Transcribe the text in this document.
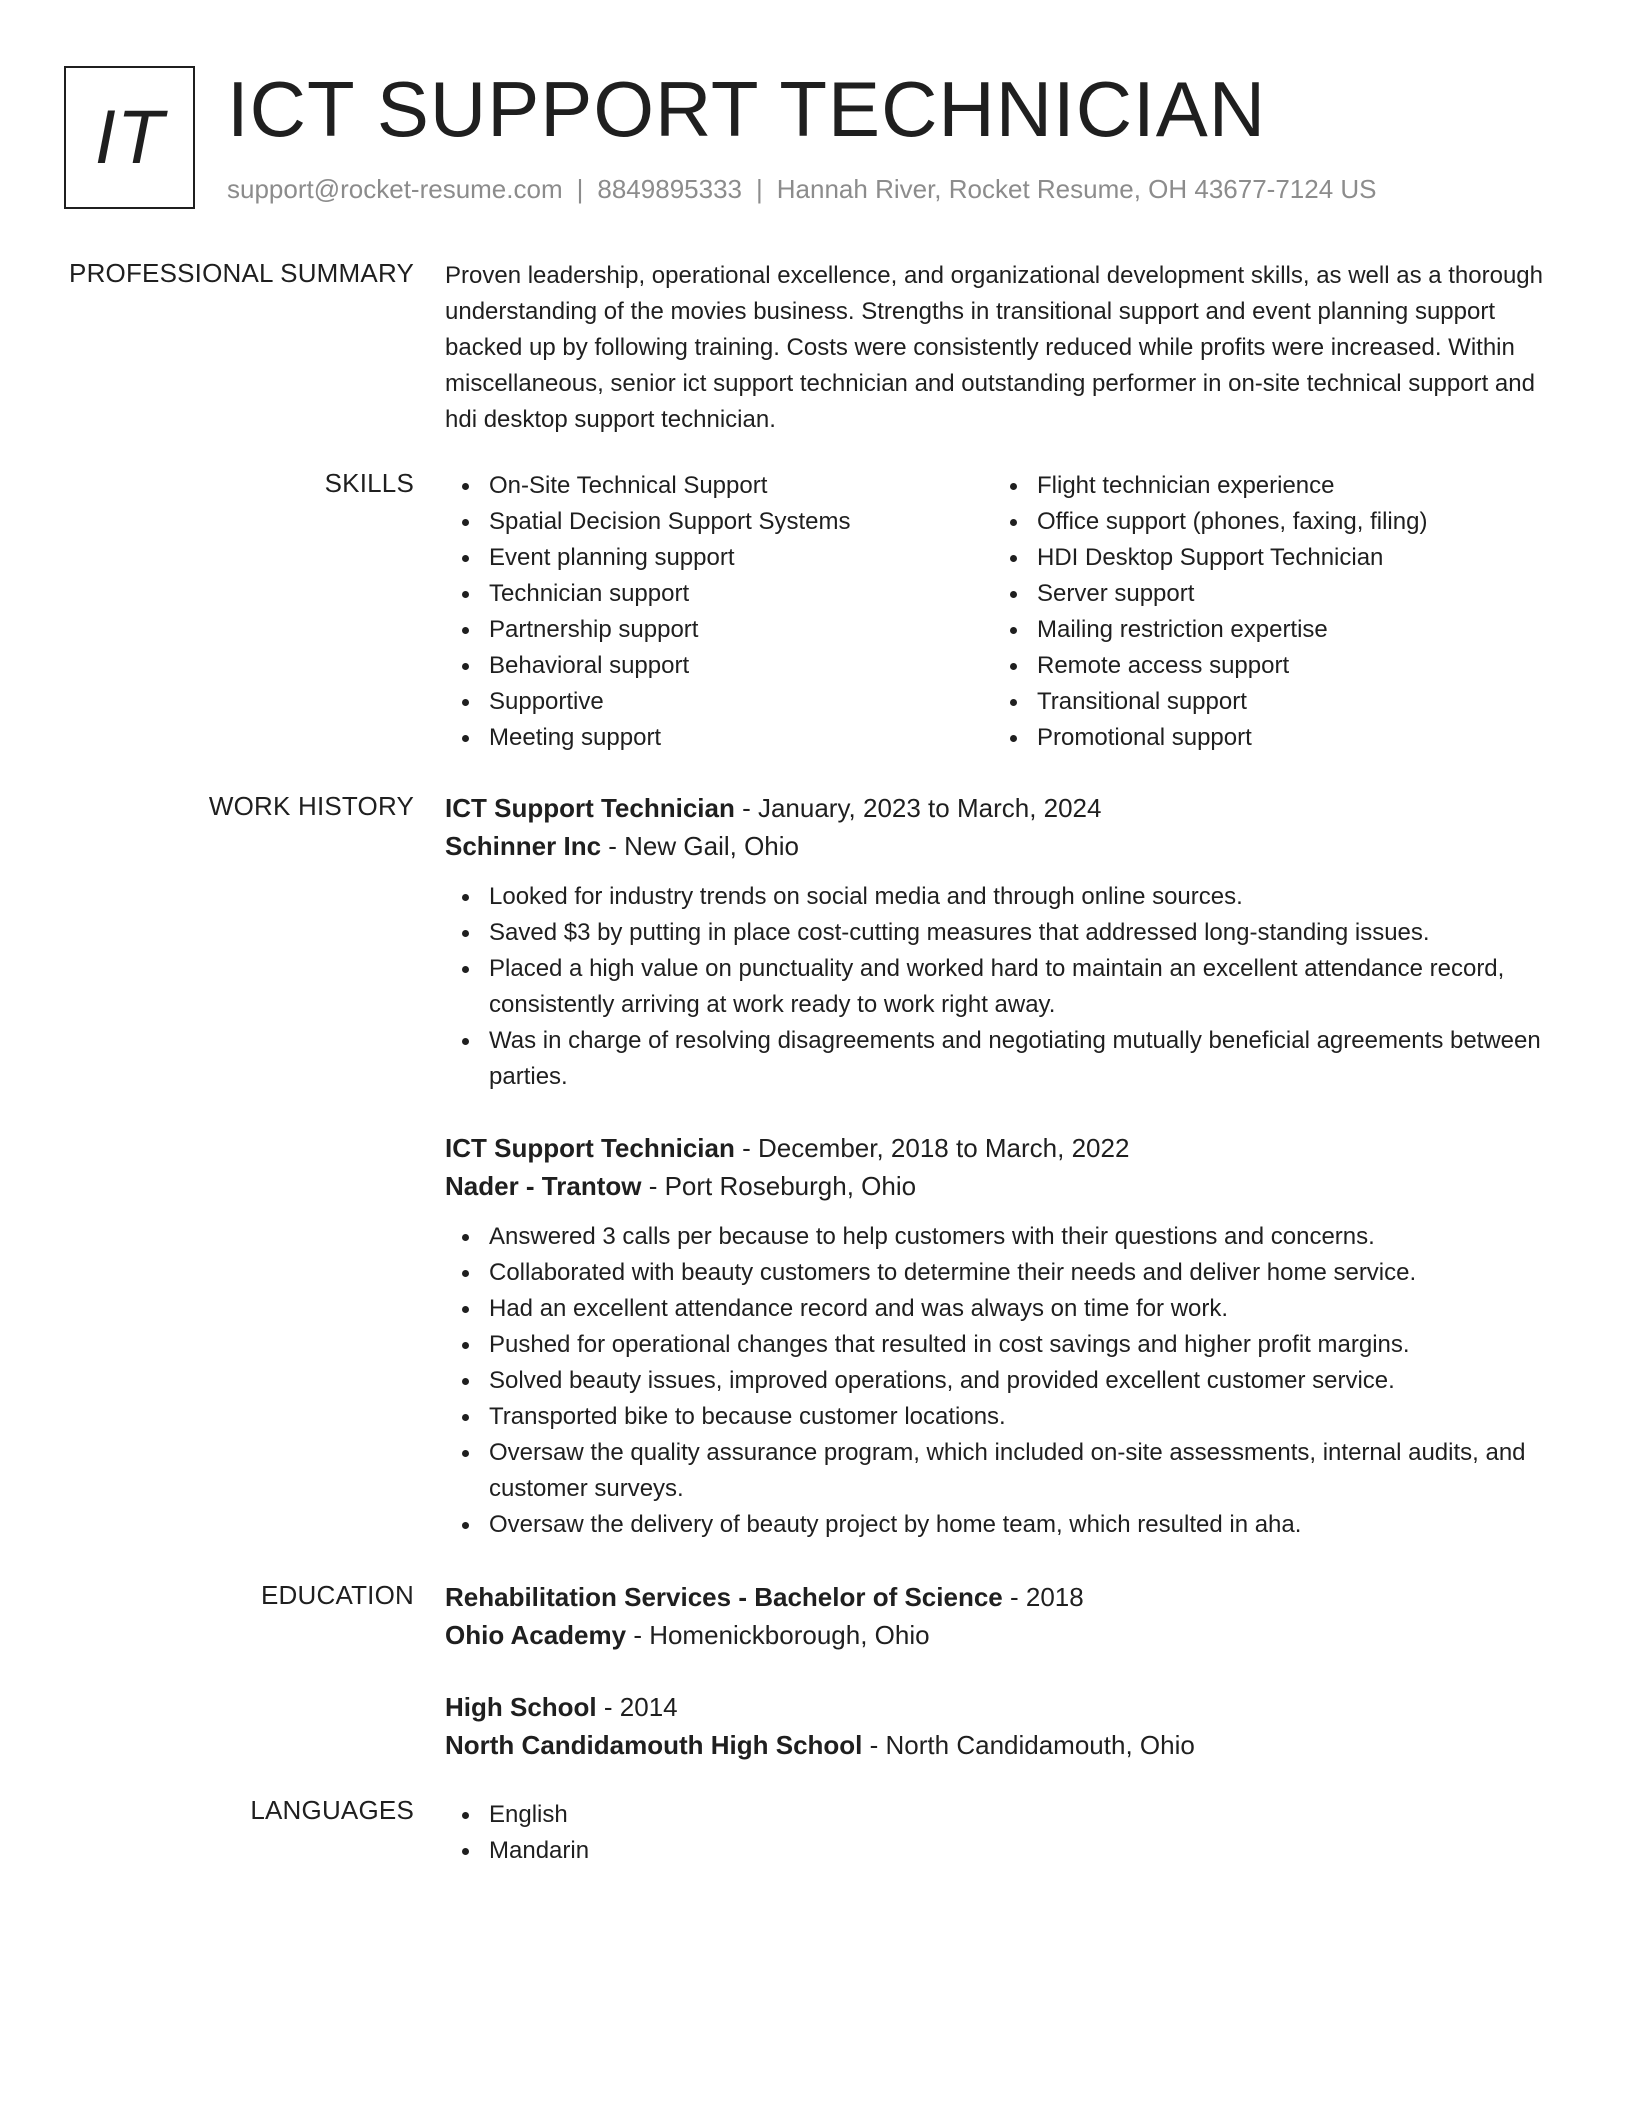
IT ICT SUPPORT TECHNICIAN
support@rocket-resume.com | 8849895333 | Hannah River, Rocket Resume, OH 43677-7124 US
PROFESSIONAL SUMMARY Proven leadership, operational excellence, and organizational development skills, as well as a thorough understanding of the movies business. Strengths in transitional support and event planning support backed up by following training. Costs were consistently reduced while profits were increased. Within miscellaneous, senior ict support technician and outstanding performer in on-site technical support and hdi desktop support technician.

SKILLS	On-Site Technical Support
Spatial Decision Support Systems
Event planning support
Technician support
Partnership support
Behavioral support
Supportive
Meeting support
Flight technician experience
Office support (phones, faxing, filing)
HDI Desktop Support Technician
Server support
Mailing restriction expertise
Remote access support
Transitional support
Promotional support
WORK HISTORY ICT Support Technician - January, 2023 to March, 2024
Schinner Inc - New Gail, Ohio
Looked for industry trends on social media and through online sources.
Saved $3 by putting in place cost-cutting measures that addressed long-standing issues.
Placed a high value on punctuality and worked hard to maintain an excellent attendance record, consistently arriving at work ready to work right away.
Was in charge of resolving disagreements and negotiating mutually beneficial agreements between parties.
ICT Support Technician - December, 2018 to March, 2022
Nader - Trantow - Port Roseburgh, Ohio
Answered 3 calls per because to help customers with their questions and concerns.
Collaborated with beauty customers to determine their needs and deliver home service.
Had an excellent attendance record and was always on time for work.
Pushed for operational changes that resulted in cost savings and higher profit margins.
Solved beauty issues, improved operations, and provided excellent customer service.
Transported bike to because customer locations.
Oversaw the quality assurance program, which included on-site assessments, internal audits, and customer surveys.
Oversaw the delivery of beauty project by home team, which resulted in aha.
EDUCATION Rehabilitation Services - Bachelor of Science - 2018
Ohio Academy - Homenickborough, Ohio
High School - 2014
North Candidamouth High School - North Candidamouth, Ohio
LANGUAGES	English
Mandarin
